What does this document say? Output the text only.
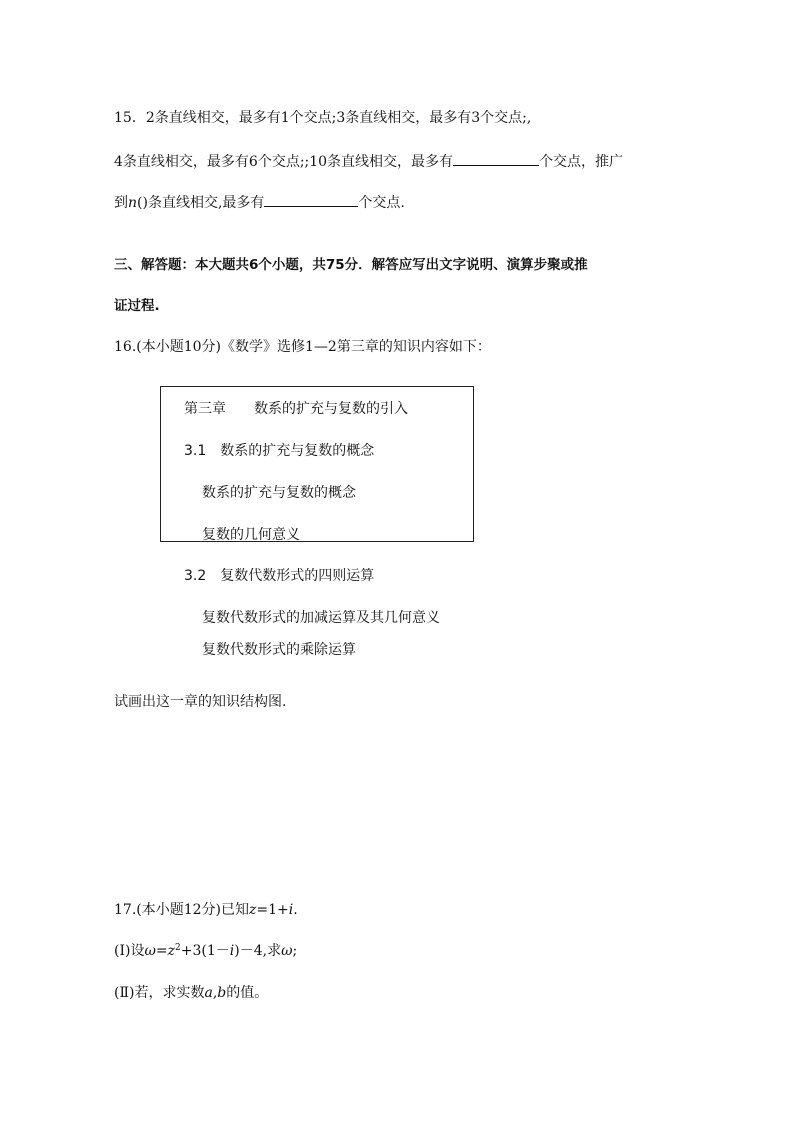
15．2条直线相交，最多有1个交点;3条直线相交，最多有3个交点;,
4条直线相交，最多有6个交点;;10条直线相交，最多有	个交点，推广
到n()条直线相交,最多有	个交点.
三、解答题：本大题共6个小题，共75分．解答应写出文字说明、演算步聚或推
证过程.
16.(本小题10分)《数学》选修1—2第三章的知识内容如下：
第三章　　数系的扩充与复数的引入
3.1　数系的扩充与复数的概念
数系的扩充与复数的概念
复数的几何意义
3.2　复数代数形式的四则运算
复数代数形式的加减运算及其几何意义
复数代数形式的乘除运算
试画出这一章的知识结构图.
17.(本小题12分)已知z=1+i.
(Ⅰ)设$\omega=z^2+3(1-i)-4$,求ω;
(Ⅱ)若，求实数a,b的值。
